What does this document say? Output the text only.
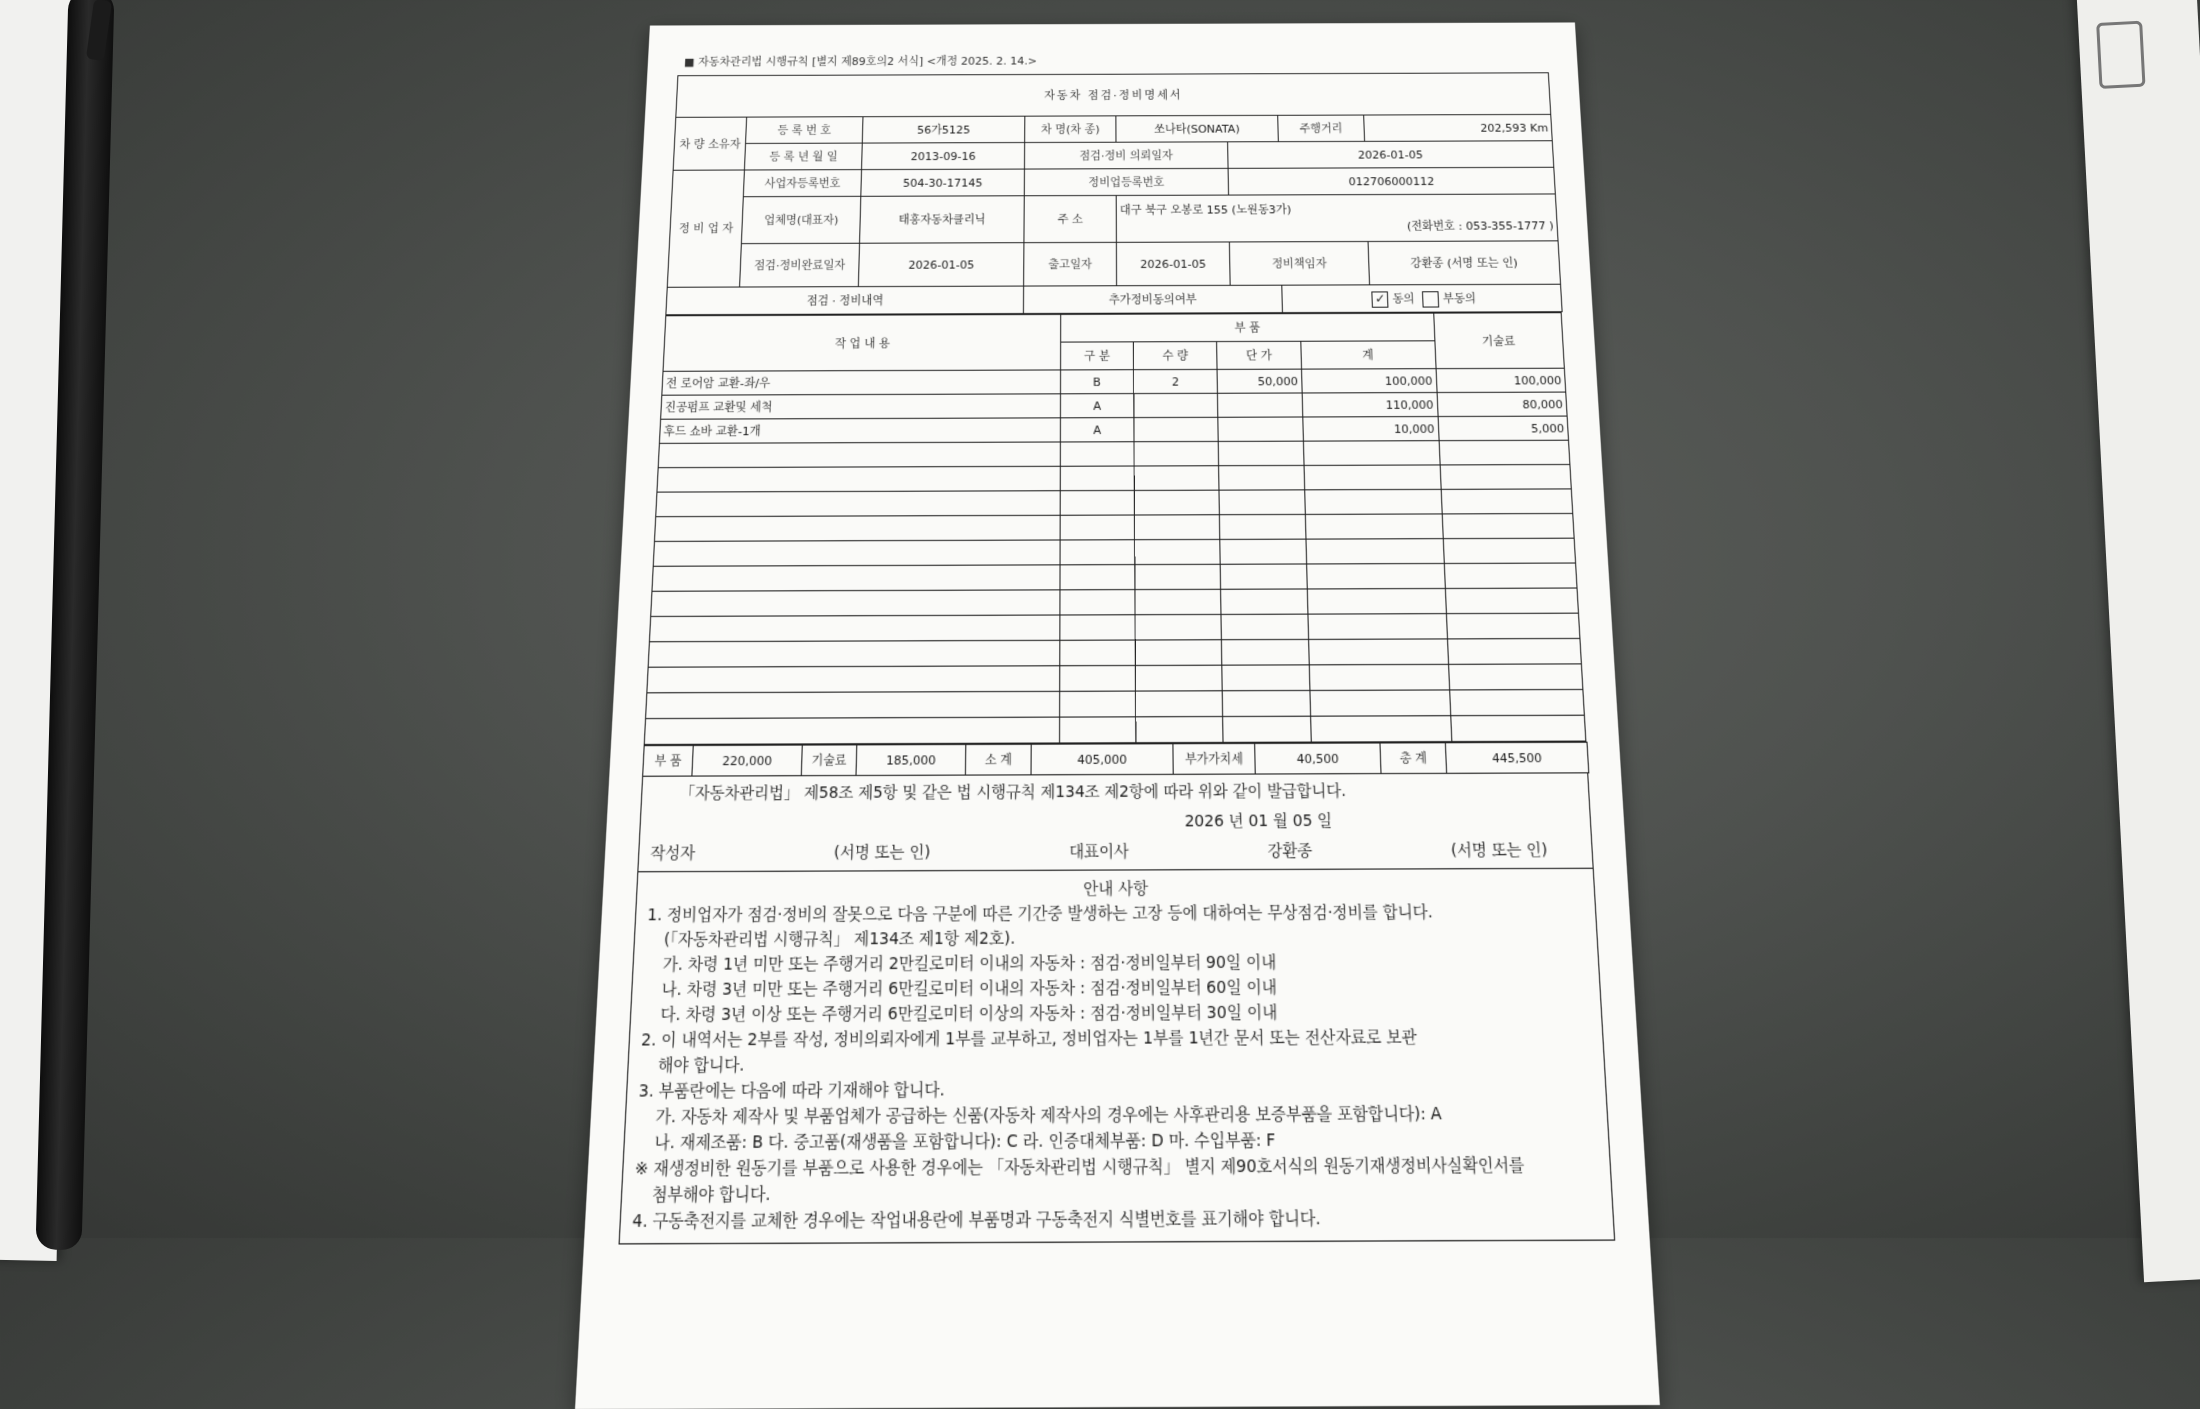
■ 자동차관리법 시행규칙 [별지 제89호의2 서식] <개정 2025. 2. 14.>
자동차 점검·정비명세서							
차 량 소유자	등 록 번 호	56가5125	차 명(차 종)	쏘나타(SONATA)		주행거리	202,593 Km
	등 록 년 월 일	2013-09-16	점검·정비 의뢰일자		2026-01-05		
정 비 업 자	사업자등록번호	504-30-17145	정비업등록번호		012706000112		
	업체명(대표자)	태흥자동차클리닉	주 소	대구 북구 오봉로 155 (노원동3가)
(전화번호 : 053-355-1777 )			

	점검·정비완료일자	2026-01-05	출고일자	2026-01-05	정비책임자		강환종 (서명 또는 인)
점검 · 정비내역			추가정비동의여부			✓ 동의 부동의	
작 업 내 용	부 품				기술료
	구 분	수 량	단 가	계	
전 로어암 교환-좌/우	B	2	50,000	100,000	100,000
진공펌프 교환및 세척	A			110,000	80,000
후드 쇼바 교환-1개	A			10,000	5,000

부 품	220,000	기술료	185,000	소 계	405,000	부가가치세	40,500	총 계	445,500
「자동차관리법」 제58조 제5항 및 같은 법 시행규칙 제134조 제2항에 따라 위와 같이 발급합니다.
2026 년 01 월 05 일
작성자	(서명 또는 인)	대표이사	강환종	(서명 또는 인)
안내 사항

1. 정비업자가 점검·정비의 잘못으로 다음 구분에 따른 기간중 발생하는 고장 등에 대하여는 무상점검·정비를 합니다.

(「자동차관리법 시행규칙」 제134조 제1항 제2호).

가. 차령 1년 미만 또는 주행거리 2만킬로미터 이내의 자동차 : 점검·정비일부터 90일 이내

나. 차령 3년 미만 또는 주행거리 6만킬로미터 이내의 자동차 : 점검·정비일부터 60일 이내

다. 차령 3년 이상 또는 주행거리 6만킬로미터 이상의 자동차 : 점검·정비일부터 30일 이내

2. 이 내역서는 2부를 작성, 정비의뢰자에게 1부를 교부하고, 정비업자는 1부를 1년간 문서 또는 전산자료로 보관

해야 합니다.

3. 부품란에는 다음에 따라 기재해야 합니다.

가. 자동차 제작사 및 부품업체가 공급하는 신품(자동차 제작사의 경우에는 사후관리용 보증부품을 포함합니다): A

나. 재제조품: B 다. 중고품(재생품을 포함합니다): C 라. 인증대체부품: D 마. 수입부품: F

※ 재생정비한 원동기를 부품으로 사용한 경우에는 「자동차관리법 시행규칙」 별지 제90호서식의 원동기재생정비사실확인서를

첨부해야 합니다.

4. 구동축전지를 교체한 경우에는 작업내용란에 부품명과 구동축전지 식별번호를 표기해야 합니다.
